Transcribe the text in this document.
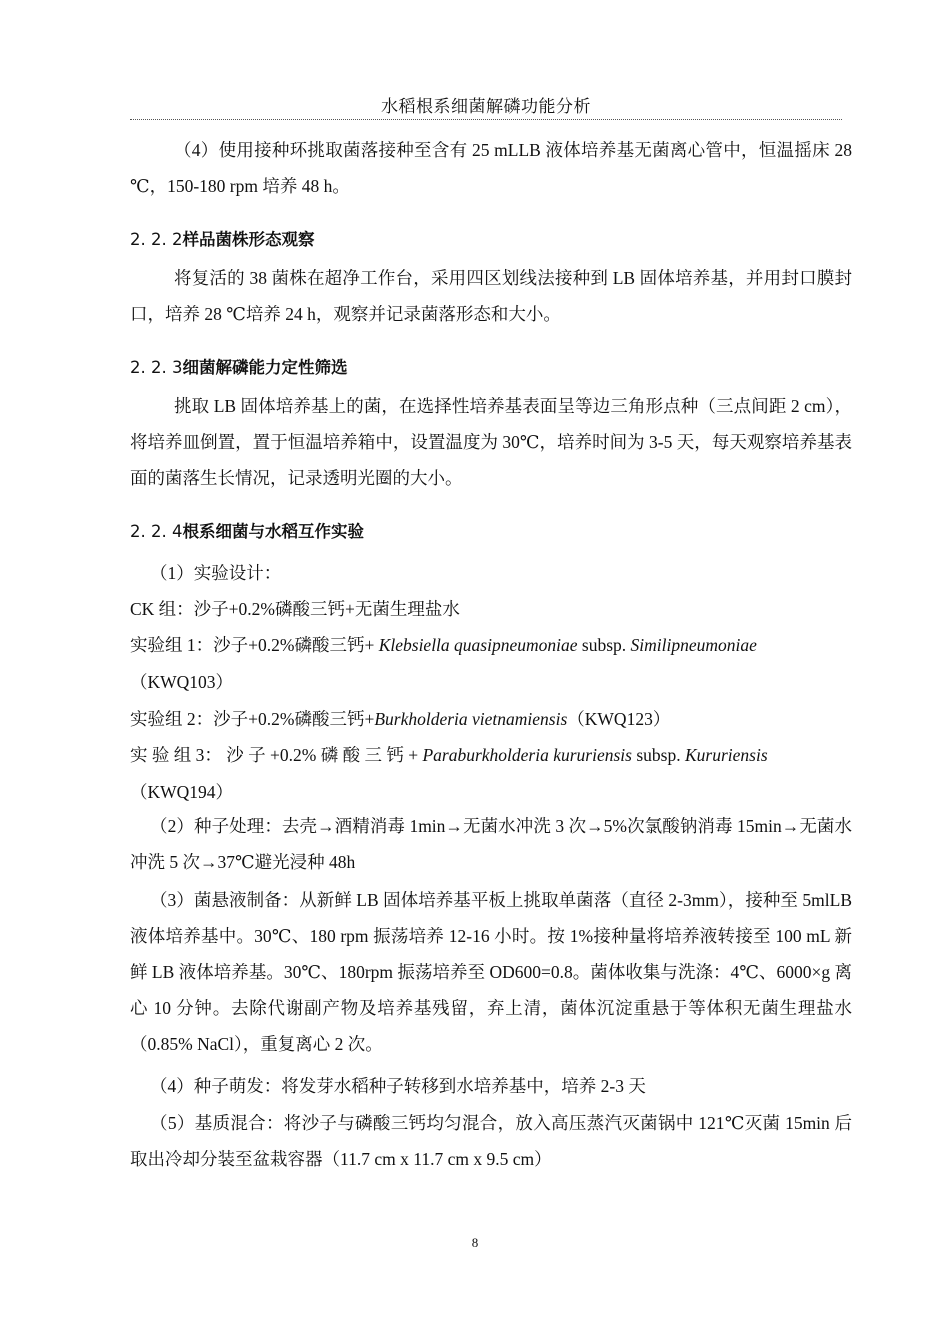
水稻根系细菌解磷功能分析
（4）使用接种环挑取菌落接种至含有 25 mLLB 液体培养基无菌离心管中，恒温摇床 28 ℃，150-180 rpm 培养 48 h。
2. 2. 2样品菌株形态观察
将复活的 38 菌株在超净工作台，采用四区划线法接种到 LB 固体培养基，并用封口膜封口，培养 28 ℃培养 24 h，观察并记录菌落形态和大小。
2. 2. 3细菌解磷能力定性筛选
挑取 LB 固体培养基上的菌，在选择性培养基表面呈等边三角形点种（三点间距 2 cm），将培养皿倒置，置于恒温培养箱中，设置温度为 30℃，培养时间为 3-5 天，每天观察培养基表面的菌落生长情况，记录透明光圈的大小。
2. 2. 4根系细菌与水稻互作实验
（1）实验设计：
CK 组：沙子+0.2%磷酸三钙+无菌生理盐水
实验组 1：沙子+0.2%磷酸三钙+ Klebsiella quasipneumoniae subsp. Similipneumoniae
（KWQ103）
实验组 2：沙子+0.2%磷酸三钙+Burkholderia vietnamiensis（KWQ123）
实 验 组 3： 沙 子 +0.2% 磷 酸 三 钙 + Paraburkholderia kururiensis subsp. Kururiensis
（KWQ194）
（2）种子处理：去壳→酒精消毒 1min→无菌水冲洗 3 次→5%次氯酸钠消毒 15min→无菌水冲洗 5 次→37℃避光浸种 48h
（3）菌悬液制备：从新鲜 LB 固体培养基平板上挑取单菌落（直径 2-3mm），接种至 5mlLB 液体培养基中。30℃、180 rpm 振荡培养 12-16 小时。按 1%接种量将培养液转接至 100 mL 新鲜 LB 液体培养基。30℃、180rpm 振荡培养至 OD600=0.8。菌体收集与洗涤：4℃、6000×g 离心 10 分钟。去除代谢副产物及培养基残留，弃上清，菌体沉淀重悬于等体积无菌生理盐水（0.85% NaCl），重复离心 2 次。
（4）种子萌发：将发芽水稻种子转移到水培养基中，培养 2-3 天
（5）基质混合：将沙子与磷酸三钙均匀混合，放入高压蒸汽灭菌锅中 121℃灭菌 15min 后取出冷却分装至盆栽容器（11.7 cm x 11.7 cm x 9.5 cm）
8
